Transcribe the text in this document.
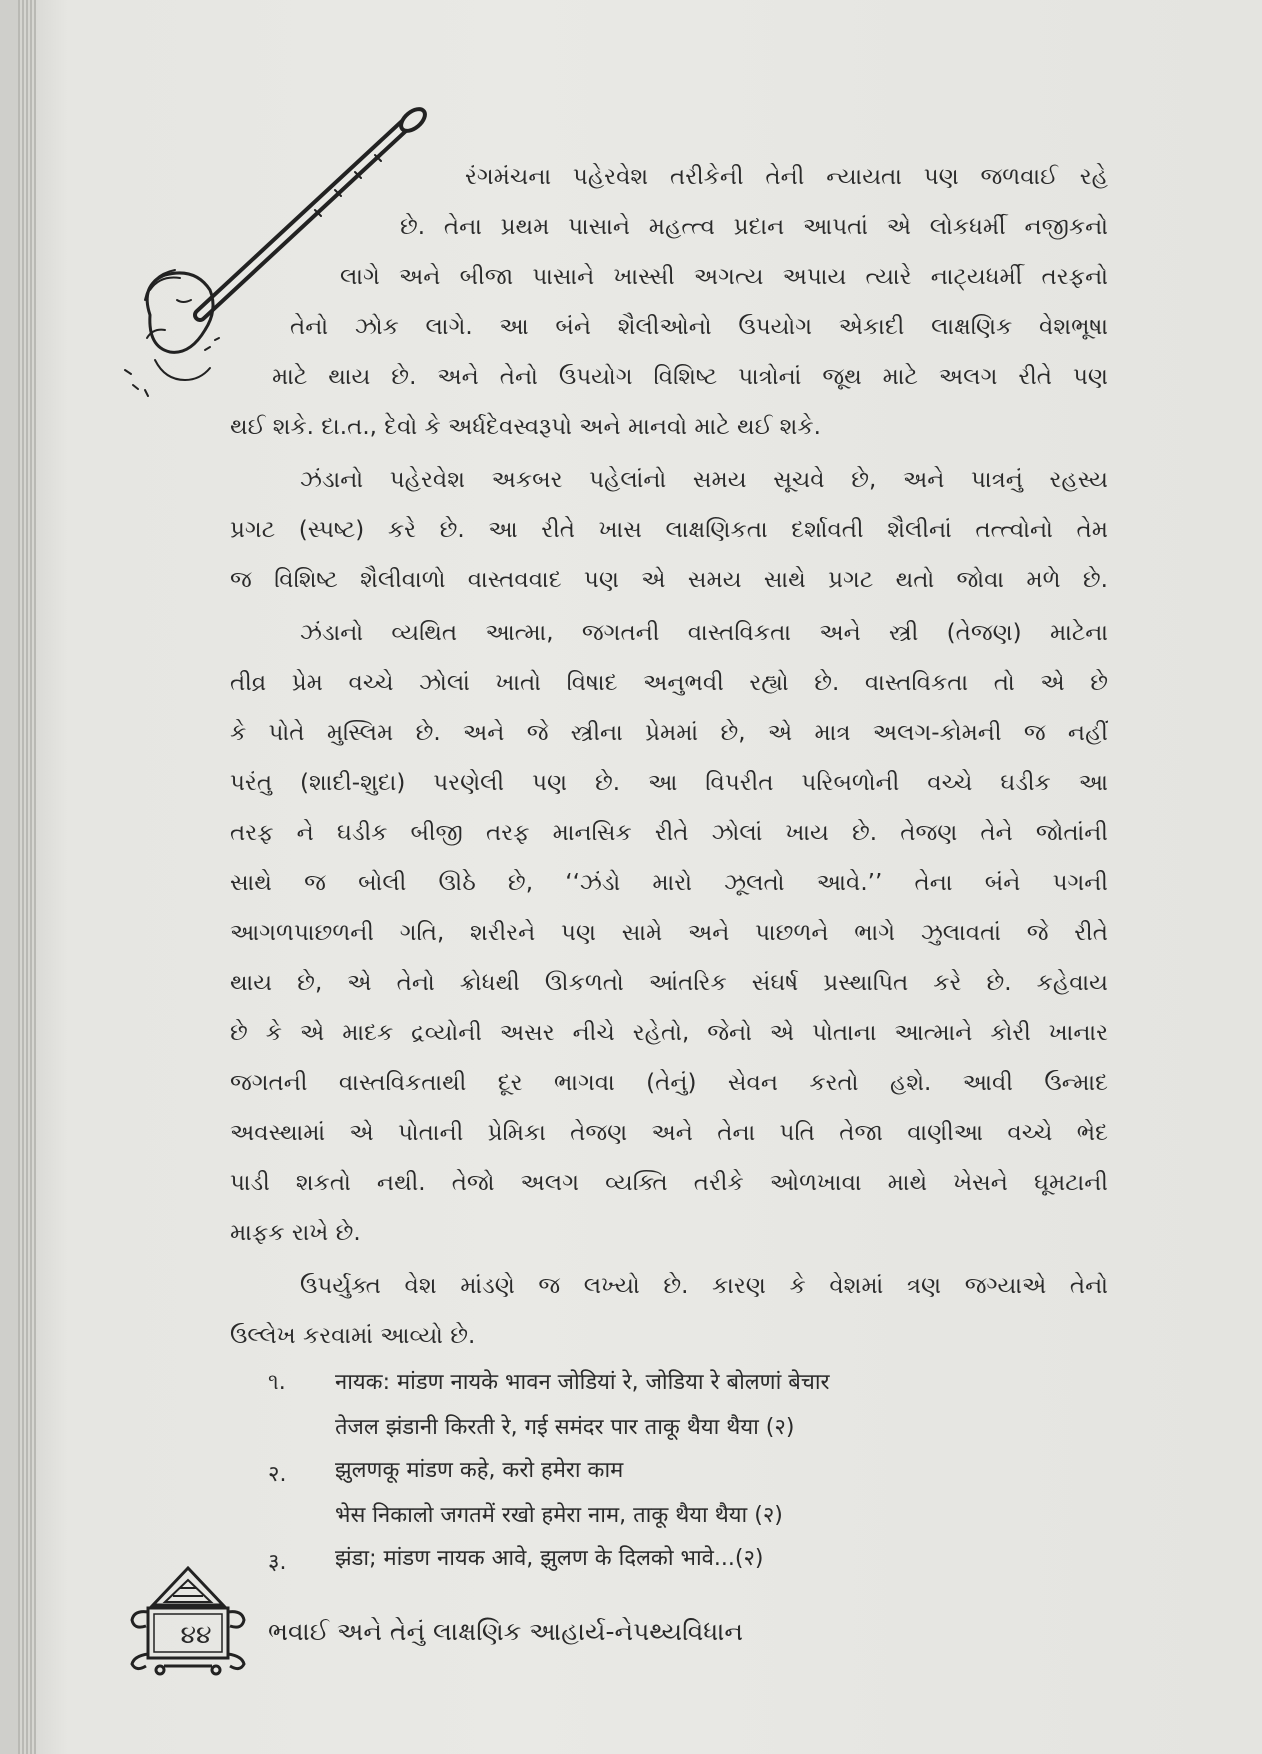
રંગમંચના પહેરવેશ તરીકેની તેની ન્યાયતા પણ જળવાઈ રહે
છે. તેના પ્રથમ પાસાને મહત્ત્વ પ્રદાન આપતાં એ લોકધર્મી નજીકનો
લાગે અને બીજા પાસાને ખાસ્સી અગત્ય અપાય ત્યારે નાટ્યધર્મી તરફનો
તેનો ઝોક લાગે. આ બંને શૈલીઓનો ઉપયોગ એકાદી લાક્ષણિક વેશભૂષા
માટે થાય છે. અને તેનો ઉપયોગ વિશિષ્ટ પાત્રોનાં જૂથ માટે અલગ રીતે પણ
થઈ શકે. દા.ત., દેવો કે અર્ધદેવસ્વરૂપો અને માનવો માટે થઈ શકે.
ઝંડાનો પહેરવેશ અકબર પહેલાંનો સમય સૂચવે છે, અને પાત્રનું રહસ્ય
પ્રગટ (સ્પષ્ટ) કરે છે. આ રીતે ખાસ લાક્ષણિકતા દર્શાવતી શૈલીનાં તત્ત્વોનો તેમ
જ વિશિષ્ટ શૈલીવાળો વાસ્તવવાદ પણ એ સમય સાથે પ્રગટ થતો જોવા મળે છે.
ઝંડાનો વ્યથિત આત્મા, જગતની વાસ્તવિકતા અને સ્ત્રી (તેજણ) માટેના
તીવ્ર પ્રેમ વચ્ચે ઝોલાં ખાતો વિષાદ અનુભવી રહ્યો છે. વાસ્તવિકતા તો એ છે
કે પોતે મુસ્લિમ છે. અને જે સ્ત્રીના પ્રેમમાં છે, એ માત્ર અલગ-કોમની જ નહીં
પરંતુ (શાદી-શુદા) પરણેલી પણ છે. આ વિપરીત પરિબળોની વચ્ચે ઘડીક આ
તરફ ને ઘડીક બીજી તરફ માનસિક રીતે ઝોલાં ખાય છે. તેજણ તેને જોતાંની
સાથે જ બોલી ઊઠે છે, ‘‘ઝંડો મારો ઝૂલતો આવે.’’ તેના બંને પગની
આગળપાછળની ગતિ, શરીરને પણ સામે અને પાછળને ભાગે ઝુલાવતાં જે રીતે
થાય છે, એ તેનો ક્રોધથી ઊકળતો આંતરિક સંઘર્ષ પ્રસ્થાપિત કરે છે. કહેવાય
છે કે એ માદક દ્રવ્યોની અસર નીચે રહેતો, જેનો એ પોતાના આત્માને કોરી ખાનાર
જગતની વાસ્તવિકતાથી દૂર ભાગવા (તેનું) સેવન કરતો હશે. આવી ઉન્માદ
અવસ્થામાં એ પોતાની પ્રેમિકા તેજણ અને તેના પતિ તેજા વાણીઆ વચ્ચે ભેદ
પાડી શકતો નથી. તેજો અલગ વ્યક્તિ તરીકે ઓળખાવા માથે ખેસને ઘૂમટાની
માફક રાખે છે.
ઉપર્યુક્ત વેશ માંડણે જ લખ્યો છે. કારણ કે વેશમાં ત્રણ જગ્યાએ તેનો
ઉલ્લેખ કરવામાં આવ્યો છે.
૧. नायक: मांडण नायके भावन जोडियां रे, जोडिया रे बोलणां बेचार
तेजल झंडानी किरती रे, गई समंदर पार ताकू थैया थैया (२)
२. झुलणकू मांडण कहे, करो हमेरा काम
भेस निकालो जगतमें रखो हमेरा नाम, ताकू थैया थैया (२)
३. झंडा; मांडण नायक आवे, झुलण के दिलको भावे...(२)
૪૪	ભવાઈ અને તેનું લાક્ષણિક આહાર્ય-નેપથ્યવિધાન
